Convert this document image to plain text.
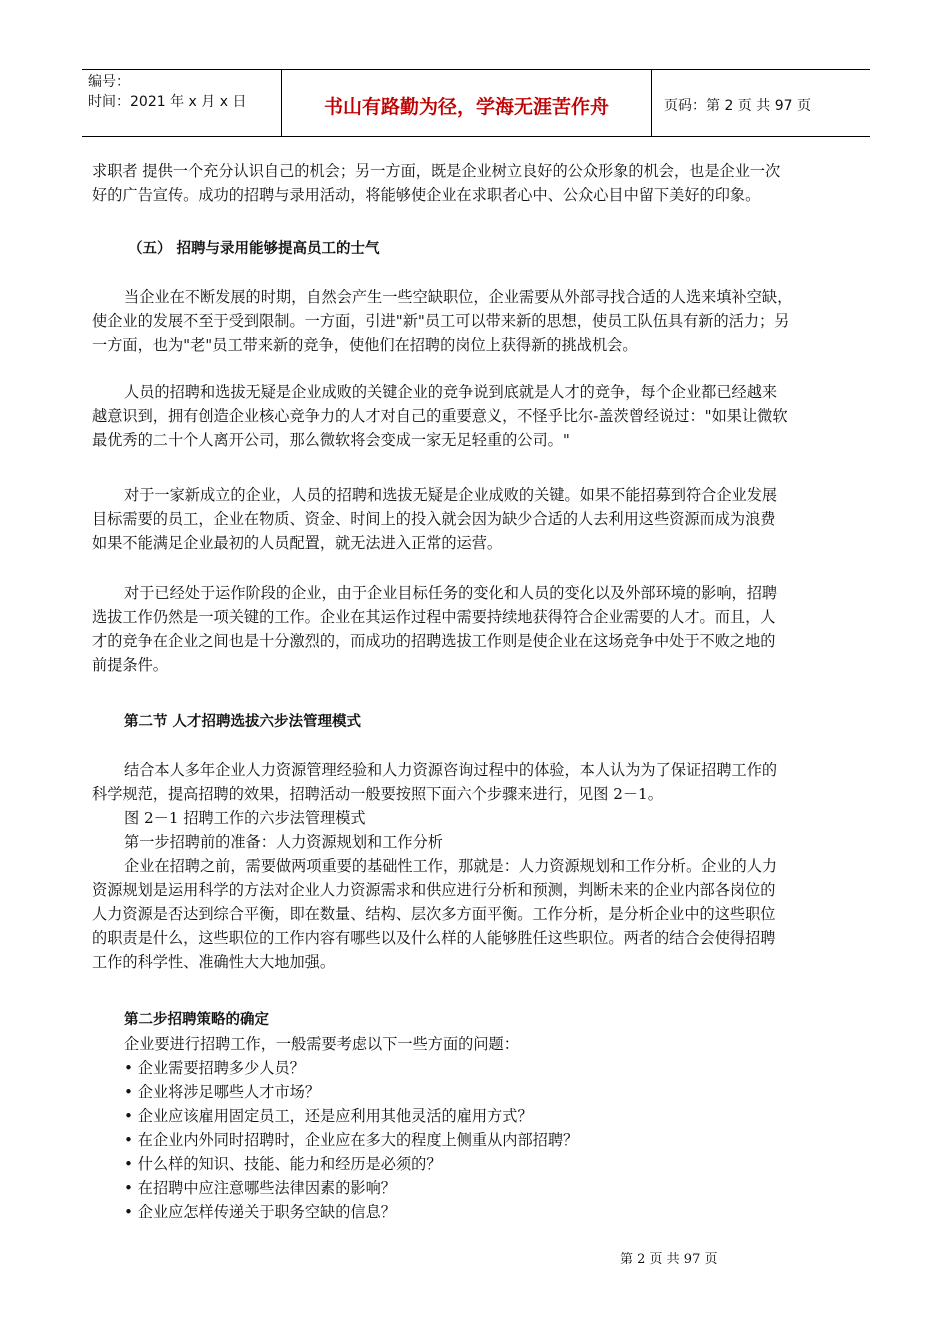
编号：
时间：2021 年 x 月 x 日	书山有路勤为径，学海无涯苦作舟	页码：第 2 页 共 97 页
求职者 提供一个充分认识自己的机会；另一方面，既是企业树立良好的公众形象的机会，也是企业一次
好的广告宣传。成功的招聘与录用活动，将能够使企业在求职者心中、公众心目中留下美好的印象。
（五） 招聘与录用能够提高员工的士气
当企业在不断发展的时期，自然会产生一些空缺职位，企业需要从外部寻找合适的人选来填补空缺，
使企业的发展不至于受到限制。一方面，引进"新"员工可以带来新的思想，使员工队伍具有新的活力；另
一方面，也为"老"员工带来新的竞争，使他们在招聘的岗位上获得新的挑战机会。
人员的招聘和选拔无疑是企业成败的关键企业的竞争说到底就是人才的竞争，每个企业都已经越来
越意识到，拥有创造企业核心竞争力的人才对自己的重要意义，不怪乎比尔-盖茨曾经说过："如果让微软
最优秀的二十个人离开公司，那么微软将会变成一家无足轻重的公司。"
对于一家新成立的企业，人员的招聘和选拔无疑是企业成败的关键。如果不能招募到符合企业发展
目标需要的员工，企业在物质、资金、时间上的投入就会因为缺少合适的人去利用这些资源而成为浪费
如果不能满足企业最初的人员配置，就无法进入正常的运营。
对于已经处于运作阶段的企业，由于企业目标任务的变化和人员的变化以及外部环境的影响，招聘
选拔工作仍然是一项关键的工作。企业在其运作过程中需要持续地获得符合企业需要的人才。而且，人
才的竞争在企业之间也是十分激烈的，而成功的招聘选拔工作则是使企业在这场竞争中处于不败之地的
前提条件。
第二节 人才招聘选拔六步法管理模式
结合本人多年企业人力资源管理经验和人力资源咨询过程中的体验，本人认为为了保证招聘工作的
科学规范，提高招聘的效果，招聘活动一般要按照下面六个步骤来进行，见图 2－1。
图 2－1 招聘工作的六步法管理模式
第一步招聘前的准备：人力资源规划和工作分析
企业在招聘之前，需要做两项重要的基础性工作，那就是：人力资源规划和工作分析。企业的人力
资源规划是运用科学的方法对企业人力资源需求和供应进行分析和预测，判断未来的企业内部各岗位的
人力资源是否达到综合平衡，即在数量、结构、层次多方面平衡。工作分析，是分析企业中的这些职位
的职责是什么，这些职位的工作内容有哪些以及什么样的人能够胜任这些职位。两者的结合会使得招聘
工作的科学性、准确性大大地加强。
第二步招聘策略的确定
企业要进行招聘工作，一般需要考虑以下一些方面的问题：
• 企业需要招聘多少人员？
• 企业将涉足哪些人才市场？
• 企业应该雇用固定员工，还是应利用其他灵活的雇用方式？
• 在企业内外同时招聘时，企业应在多大的程度上侧重从内部招聘？
• 什么样的知识、技能、能力和经历是必须的？
• 在招聘中应注意哪些法律因素的影响？
• 企业应怎样传递关于职务空缺的信息？
第 2 页 共 97 页
